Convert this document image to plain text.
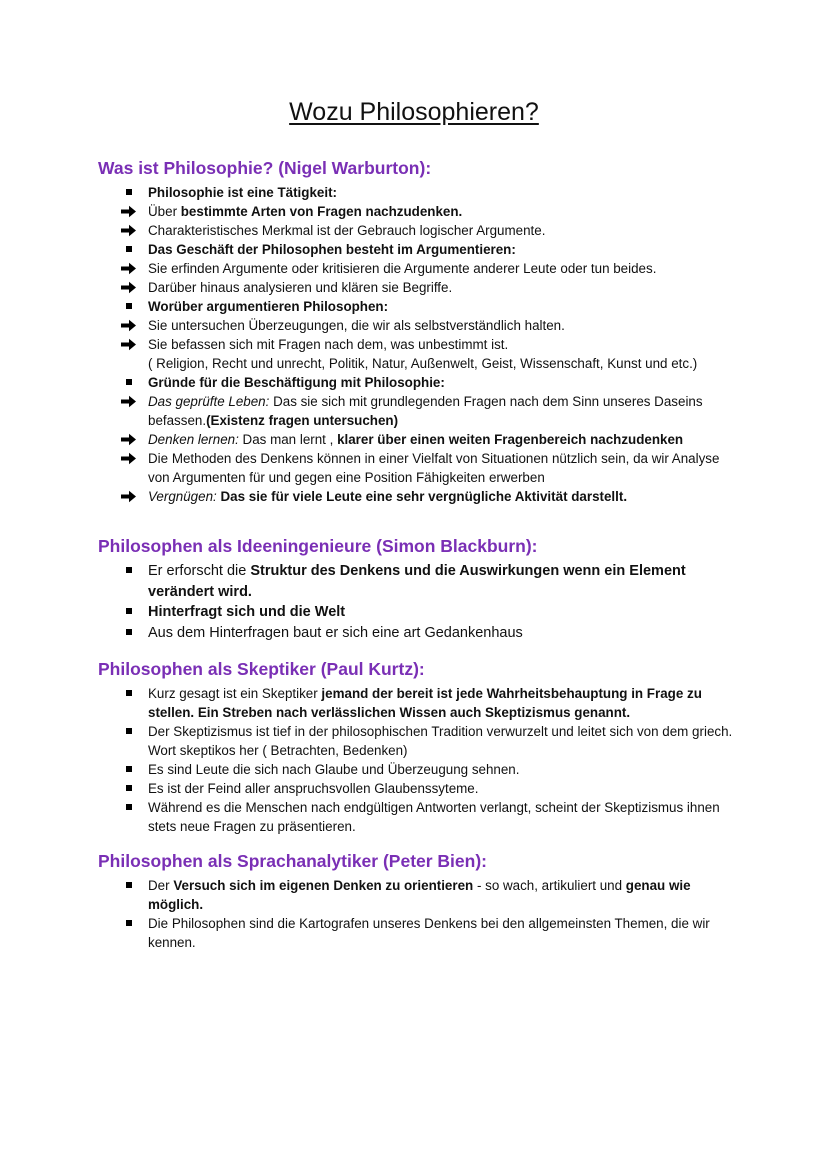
Wozu Philosophieren?
Was ist Philosophie? (Nigel Warburton):
Philosophie ist eine Tätigkeit:
Über bestimmte Arten von Fragen nachzudenken.
Charakteristisches Merkmal ist der Gebrauch logischer Argumente.
Das Geschäft der Philosophen besteht im Argumentieren:
Sie erfinden Argumente oder kritisieren die Argumente anderer Leute oder tun beides.
Darüber hinaus analysieren und klären sie Begriffe.
Worüber argumentieren Philosophen:
Sie untersuchen Überzeugungen, die wir als selbstverständlich halten.
Sie befassen sich mit Fragen nach dem, was unbestimmt ist.
( Religion, Recht und unrecht, Politik, Natur, Außenwelt, Geist, Wissenschaft, Kunst und etc.)
Gründe für die Beschäftigung mit Philosophie:
Das geprüfte Leben: Das sie sich mit grundlegenden Fragen nach dem Sinn unseres Daseins befassen.(Existenz fragen untersuchen)
Denken lernen: Das man lernt , klarer über einen weiten Fragenbereich nachzudenken
Die Methoden des Denkens können in einer Vielfalt von Situationen nützlich sein, da wir Analyse von Argumenten für und gegen eine Position Fähigkeiten erwerben
Vergnügen: Das sie für viele Leute eine sehr vergnügliche Aktivität darstellt.
Philosophen als Ideeningenieure (Simon Blackburn):
Er erforscht die Struktur des Denkens und die Auswirkungen wenn ein Element verändert wird.
Hinterfragt sich und die Welt
Aus dem Hinterfragen baut er sich eine art Gedankenhaus
Philosophen als Skeptiker (Paul Kurtz):
Kurz gesagt ist ein Skeptiker jemand der bereit ist jede Wahrheitsbehauptung in Frage zu stellen. Ein Streben nach verlässlichen Wissen auch Skeptizismus genannt.
Der Skeptizismus ist tief in der philosophischen Tradition verwurzelt und leitet sich von dem griech. Wort skeptikos her ( Betrachten, Bedenken)
Es sind Leute die sich nach Glaube und Überzeugung sehnen.
Es ist der Feind aller anspruchsvollen Glaubenssyteme.
Während es die Menschen nach endgültigen Antworten verlangt, scheint der Skeptizismus ihnen stets neue Fragen zu präsentieren.
Philosophen als Sprachanalytiker (Peter Bien):
Der Versuch sich im eigenen Denken zu orientieren - so wach, artikuliert und genau wie möglich.
Die Philosophen sind die Kartografen unseres Denkens bei den allgemeinsten Themen, die wir kennen.
